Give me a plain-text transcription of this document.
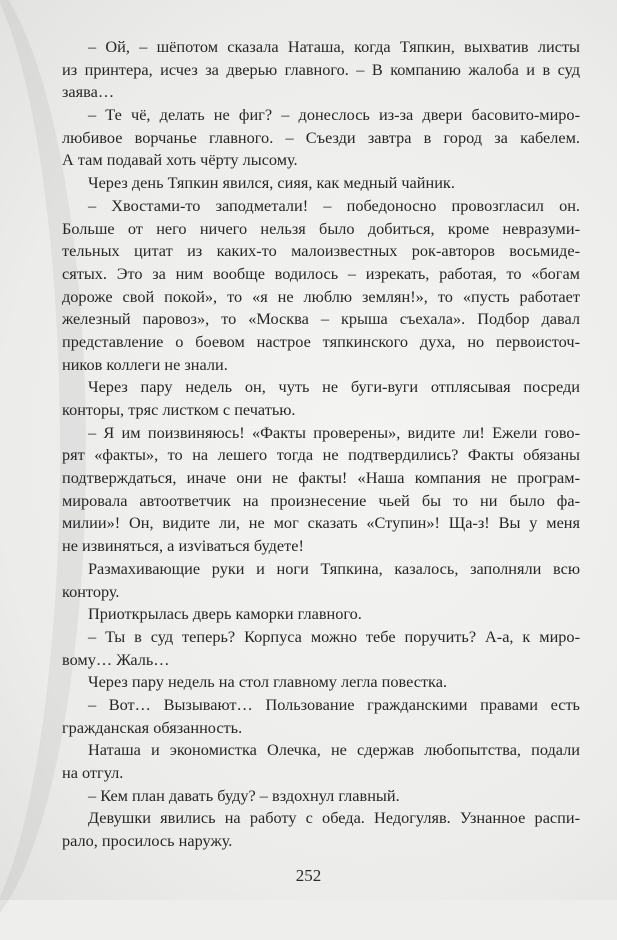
– Ой, – шёпотом сказала Наташа, когда Тяпкин, выхватив листы
из принтера, исчез за дверью главного. – В компанию жалоба и в суд
заява…
– Те чё, делать не фиг? – донеслось из-за двери басовито-миро-
любивое ворчанье главного. – Съезди завтра в город за кабелем.
А там подавай хоть чёрту лысому.
Через день Тяпкин явился, сияя, как медный чайник.
– Хвостами-то заподметали! – победоносно провозгласил он.
Больше от него ничего нельзя было добиться, кроме невразуми-
тельных цитат из каких-то малоизвестных рок-авторов восьмиде-
сятых. Это за ним вообще водилось – изрекать, работая, то «богам
дороже свой покой», то «я не люблю землян!», то «пусть работает
железный паровоз», то «Москва – крыша съехала». Подбор давал
представление о боевом настрое тяпкинского духа, но первоисточ-
ников коллеги не знали.
Через пару недель он, чуть не буги-вуги отплясывая посреди
конторы, тряс листком с печатью.
– Я им поизвиняюсь! «Факты проверены», видите ли! Ежели гово-
рят «факты», то на лешего тогда не подтвердились? Факты обязаны
подтверждаться, иначе они не факты! «Наша компания не програм-
мировала автоответчик на произнесение чьей бы то ни было фа-
милии»! Он, видите ли, не мог сказать «Ступин»! Ща-з! Вы у меня
не извиняться, а изviваться будете!
Размахивающие руки и ноги Тяпкина, казалось, заполняли всю
контору.
Приоткрылась дверь каморки главного.
– Ты в суд теперь? Корпуса можно тебе поручить? А-а, к миро-
вому… Жаль…
Через пару недель на стол главному легла повестка.
– Вот… Вызывают… Пользование гражданскими правами есть
гражданская обязанность.
Наташа и экономистка Олечка, не сдержав любопытства, подали
на отгул.
– Кем план давать буду? – вздохнул главный.
Девушки явились на работу с обеда. Недогуляв. Узнанное распи-
рало, просилось наружу.
252
